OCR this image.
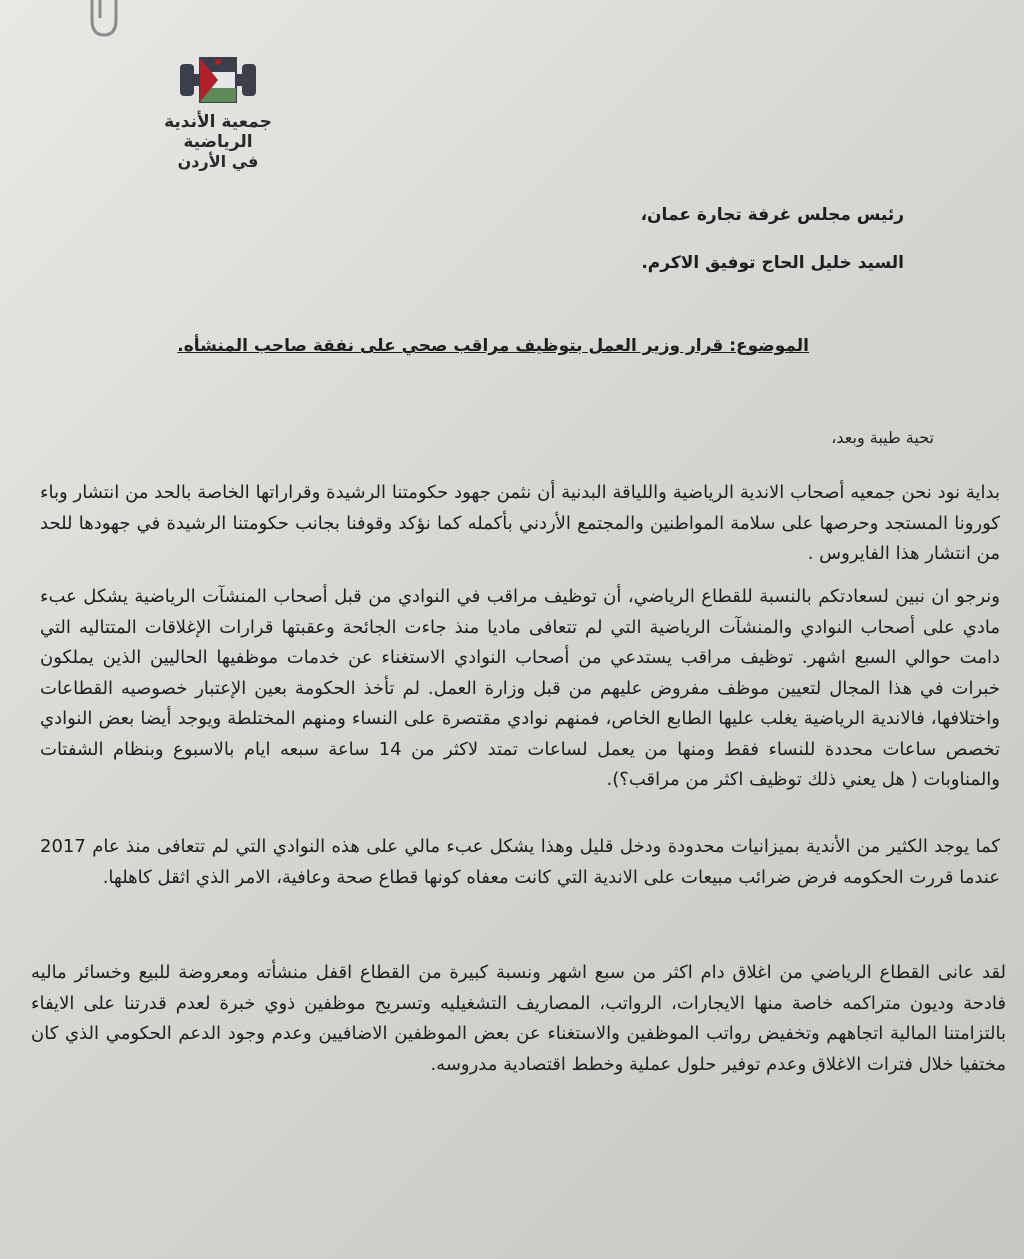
جمعية الأندية الرياضية
في الأردن
رئيس مجلس غرفة تجارة عمان،
السيد خليل الحاج توفيق الاكرم.
الموضوع: قرار وزير العمل بتوظيف مراقب صحي على نفقة صاحب المنشأه.
تحية طيبة وبعد،
بداية نود نحن جمعيه أصحاب الاندية الرياضية واللياقة البدنية أن نثمن جهود حكومتنا الرشيدة وقراراتها الخاصة بالحد من انتشار وباء كورونا المستجد وحرصها على سلامة المواطنين والمجتمع الأردني بأكمله كما نؤكد وقوفنا بجانب حكومتنا الرشيدة في جهودها للحد من انتشار هذا الفايروس .
ونرجو ان نبين لسعادتكم بالنسبة للقطاع الرياضي، أن توظيف مراقب في النوادي من قبل أصحاب المنشآت الرياضية يشكل عبء مادي على أصحاب النوادي والمنشآت الرياضية التي لم تتعافى ماديا منذ جاءت الجائحة وعقبتها قرارات الإغلاقات المتتاليه التي دامت حوالي السبع اشهر. توظيف مراقب يستدعي من أصحاب النوادي الاستغناء عن خدمات موظفيها الحاليين الذين يملكون خبرات في هذا المجال لتعيين موظف مفروض عليهم من قبل وزارة العمل. لم تأخذ الحكومة بعين الإعتبار خصوصيه القطاعات واختلافها، فالاندية الرياضية يغلب عليها الطابع الخاص، فمنهم نوادي مقتصرة على النساء ومنهم المختلطة ويوجد أيضا بعض النوادي تخصص ساعات محددة للنساء فقط ومنها من يعمل لساعات تمتد لاكثر من 14 ساعة سبعه ايام بالاسبوع وبنظام الشفتات والمناوبات ( هل يعني ذلك توظيف اكثر من مراقب؟).
كما يوجد الكثير من الأندية بميزانيات محدودة ودخل قليل وهذا يشكل عبء مالي على هذه النوادي التي لم تتعافى منذ عام 2017 عندما قررت الحكومه فرض ضرائب مبيعات على الاندية التي كانت معفاه كونها قطاع صحة وعافية، الامر الذي اثقل كاهلها.
لقد عانى القطاع الرياضي من اغلاق دام اكثر من سبع اشهر ونسبة كبيرة من القطاع اقفل منشأته ومعروضة للبيع وخسائر ماليه فادحة وديون متراكمه خاصة منها الايجارات، الرواتب، المصاريف التشغيليه وتسريح موظفين ذوي خبرة لعدم قدرتنا على الايفاء بالتزامتنا المالية اتجاههم وتخفيض رواتب الموظفين والاستغناء عن بعض الموظفين الاضافيين وعدم وجود الدعم الحكومي الذي كان مختفيا خلال فترات الاغلاق وعدم توفير حلول عملية وخطط اقتصادية مدروسه.
